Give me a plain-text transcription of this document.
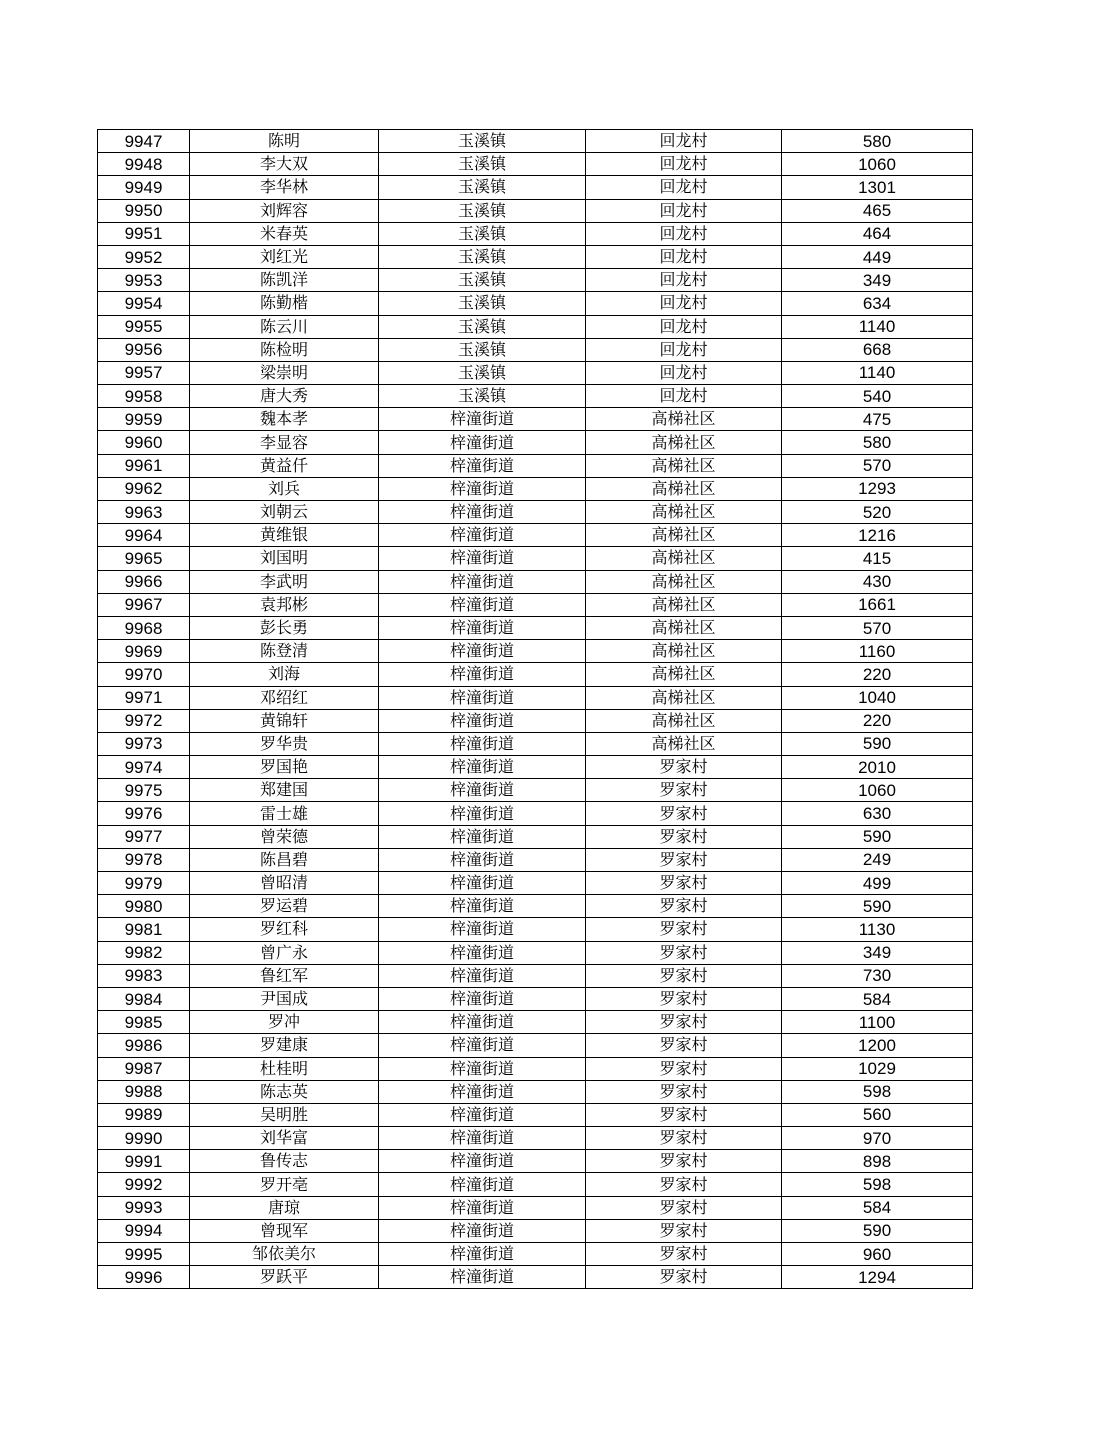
9947	陈明	玉溪镇	回龙村	580
9948	李大双	玉溪镇	回龙村	1060
9949	李华林	玉溪镇	回龙村	1301
9950	刘辉容	玉溪镇	回龙村	465
9951	米春英	玉溪镇	回龙村	464
9952	刘红光	玉溪镇	回龙村	449
9953	陈凯洋	玉溪镇	回龙村	349
9954	陈勤楷	玉溪镇	回龙村	634
9955	陈云川	玉溪镇	回龙村	1140
9956	陈检明	玉溪镇	回龙村	668
9957	梁崇明	玉溪镇	回龙村	1140
9958	唐大秀	玉溪镇	回龙村	540
9959	魏本孝	梓潼街道	高梯社区	475
9960	李显容	梓潼街道	高梯社区	580
9961	黄益仟	梓潼街道	高梯社区	570
9962	刘兵	梓潼街道	高梯社区	1293
9963	刘朝云	梓潼街道	高梯社区	520
9964	黄维银	梓潼街道	高梯社区	1216
9965	刘国明	梓潼街道	高梯社区	415
9966	李武明	梓潼街道	高梯社区	430
9967	袁邦彬	梓潼街道	高梯社区	1661
9968	彭长勇	梓潼街道	高梯社区	570
9969	陈登清	梓潼街道	高梯社区	1160
9970	刘海	梓潼街道	高梯社区	220
9971	邓绍红	梓潼街道	高梯社区	1040
9972	黄锦轩	梓潼街道	高梯社区	220
9973	罗华贵	梓潼街道	高梯社区	590
9974	罗国艳	梓潼街道	罗家村	2010
9975	郑建国	梓潼街道	罗家村	1060
9976	雷士雄	梓潼街道	罗家村	630
9977	曾荣德	梓潼街道	罗家村	590
9978	陈昌碧	梓潼街道	罗家村	249
9979	曾昭清	梓潼街道	罗家村	499
9980	罗运碧	梓潼街道	罗家村	590
9981	罗红科	梓潼街道	罗家村	1130
9982	曾广永	梓潼街道	罗家村	349
9983	鲁红军	梓潼街道	罗家村	730
9984	尹国成	梓潼街道	罗家村	584
9985	罗冲	梓潼街道	罗家村	1100
9986	罗建康	梓潼街道	罗家村	1200
9987	杜桂明	梓潼街道	罗家村	1029
9988	陈志英	梓潼街道	罗家村	598
9989	吴明胜	梓潼街道	罗家村	560
9990	刘华富	梓潼街道	罗家村	970
9991	鲁传志	梓潼街道	罗家村	898
9992	罗开亳	梓潼街道	罗家村	598
9993	唐琼	梓潼街道	罗家村	584
9994	曾现军	梓潼街道	罗家村	590
9995	邹依美尔	梓潼街道	罗家村	960
9996	罗跃平	梓潼街道	罗家村	1294
